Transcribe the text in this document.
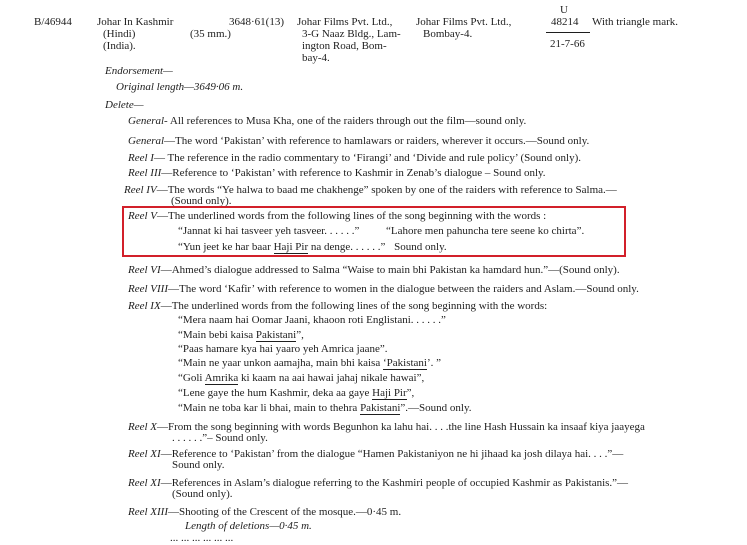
B/46944 Johar In Kashmir
(Hindi)
(India).
(35 mm.)
3648·61(13) Johar Films Pvt. Ltd.,
3-G Naaz Bldg., Lam-
ington Road, Bom-
bay-4.
Johar Films Pvt. Ltd.,
Bombay-4.
U
48214
21-7-66
With triangle mark.
Endorsement—
Original length—3649·06 m.
Delete—
General- All references to Musa Kha, one of the raiders through out the film—sound only.
General—The word ‘Pakistan’ with reference to hamlawars or raiders, wherever it occurs.—Sound only.
Reel I— The reference in the radio commentary to ‘Firangi’ and ‘Divide and rule policy’ (Sound only).
Reel III—Reference to ‘Pakistan’ with reference to Kashmir in Zenab’s dialogue – Sound only.
Reel IV—The words “Ye halwa to baad me chakhenge” spoken by one of the raiders with reference to Salma.—
(Sound only).
Reel V—The underlined words from the following lines of the song beginning with the words :
“Jannat ki hai tasveer yeh tasveer. . . . . .” “Lahore men pahuncha tere seene ko chirta”.
“Yun jeet ke har baar Haji Pir na denge. . . . . .” Sound only.
Reel VI—Ahmed’s dialogue addressed to Salma “Waise to main bhi Pakistan ka hamdard hun.”—(Sound only).
Reel VIII—The word ‘Kafir’ with reference to women in the dialogue between the raiders and Aslam.—Sound only.
Reel IX—The underlined words from the following lines of the song beginning with the words:
“Mera naam hai Oomar Jaani, khaoon roti Englistani. . . . . .”
“Main bebi kaisa Pakistani”,
“Paas hamare kya hai yaaro yeh Amrica jaane”.
“Main ne yaar unkon aamajha, main bhi kaisa ‘Pakistani’. ”
“Goli Amrika ki kaam na aai hawai jahaj nikale hawai”,
“Lene gaye the hum Kashmir, deka aa gaye Haji Pir”,
“Main ne toba kar li bhai, main to thehra Pakistani”.—Sound only.
Reel X—From the song beginning with words Begunhon ka lahu hai. . . .the line Hash Hussain ka insaaf kiya jaayega
. . . . . .”– Sound only.
Reel XI—Reference to ‘Pakistan’ from the dialogue “Hamen Pakistaniyon ne hi jihaad ka josh dilaya hai. . . .”—
Sound only.
Reel XI—References in Aslam’s dialogue referring to the Kashmiri people of occupied Kashmir as Pakistanis.”—
(Sound only).
Reel XIII—Shooting of the Crescent of the mosque.—0·45 m.
Length of deletions—0·45 m.
... ... ... ... ... ...
